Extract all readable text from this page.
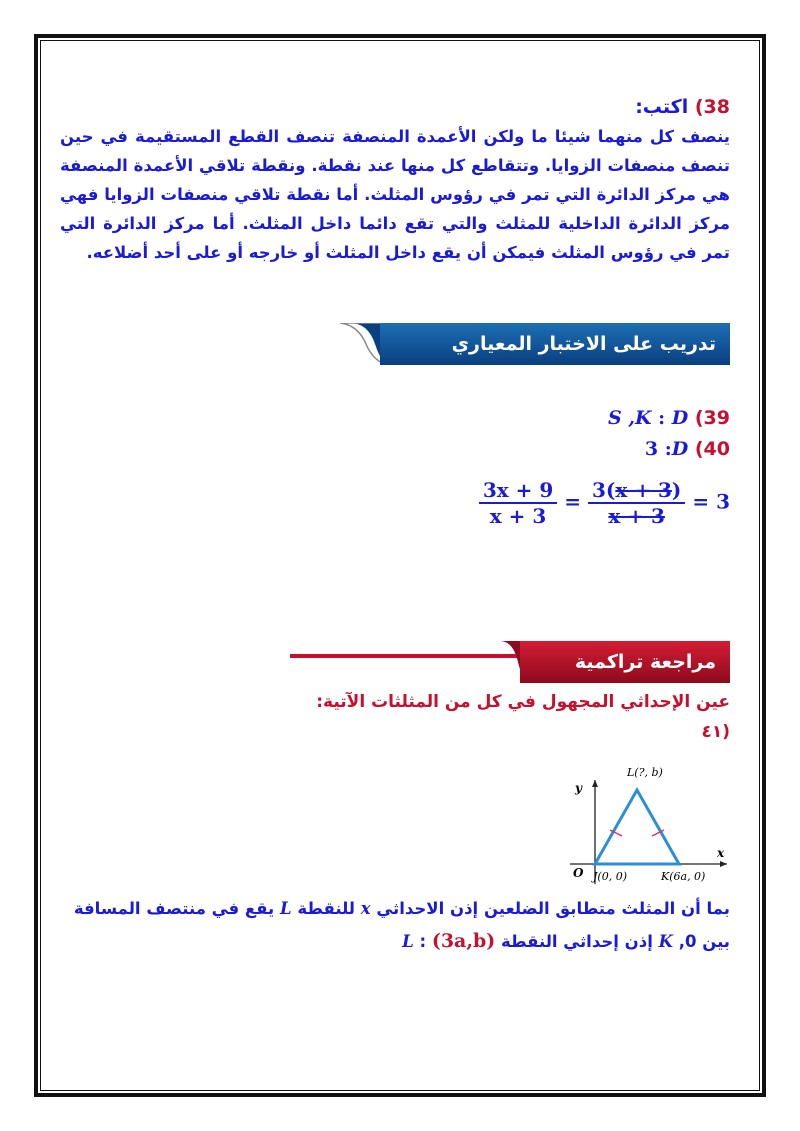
38) اكتب:
ينصف كل منهما شيئا ما ولكن الأعمدة المنصفة تنصف القطع المستقيمة في حين تنصف منصفات الزوايا. وتتقاطع كل منها عند نقطة. ونقطة تلاقي الأعمدة المنصفة هي مركز الدائرة التي تمر في رؤوس المثلث. أما نقطة تلاقي منصفات الزوايا فهي مركز الدائرة الداخلية للمثلث والتي تقع دائما داخل المثلث. أما مركز الدائرة التي تمر في رؤوس المثلث فيمكن أن يقع داخل المثلث أو خارجه أو على أحد أضلاعه.
تدريب على الاختبار المعياري
S ,K : D (39
3 :D (40
$\frac{3x + 9}{x + 3} = \frac{3(x + 3)}{x + 3} = 3$
مراجعة تراكمية
عين الإحداثي المجهول في كل من المثلثات الآتية:
(٤١
بما أن المثلث متطابق الضلعين إذن الاحداثي x للنقطة L يقع في منتصف المسافة
بين 0, K إذن إحداثي النقطة L : (3a,b)
y
x
O
L(?, b)
J(0, 0)	K(6a, 0)
